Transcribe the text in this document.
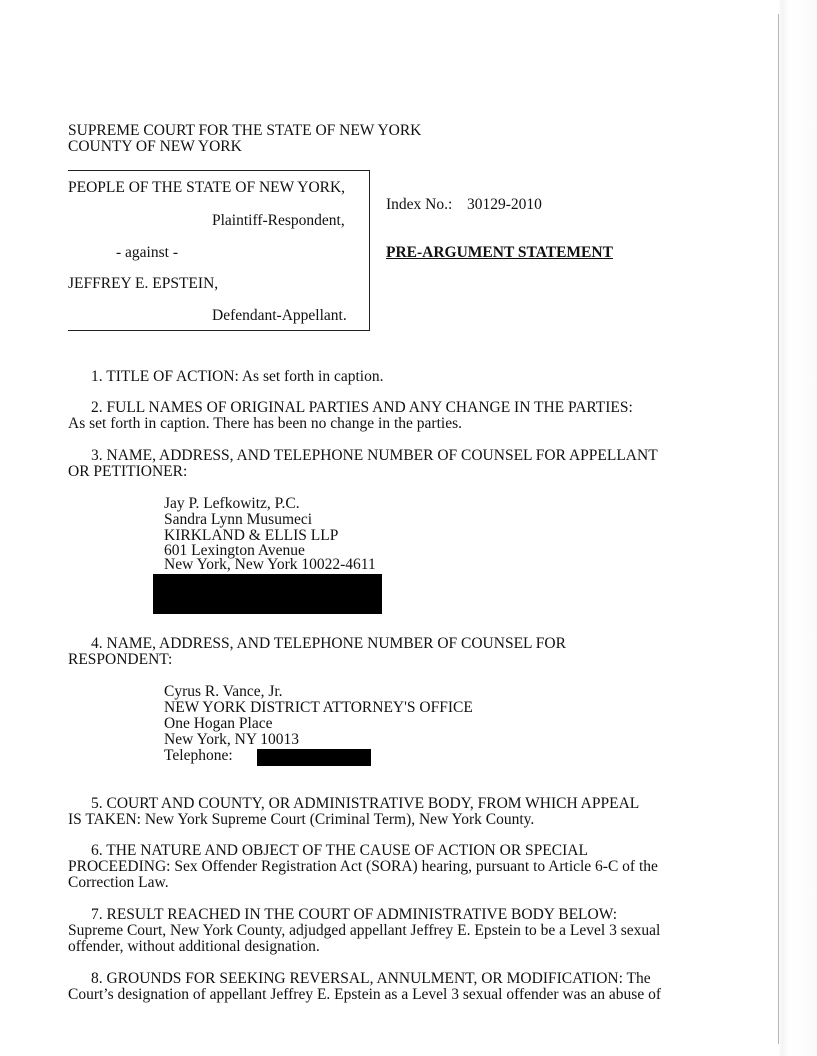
SUPREME COURT FOR THE STATE OF NEW YORK
COUNTY OF NEW YORK
PEOPLE OF THE STATE OF NEW YORK,
Plaintiff-Respondent,
- against -
JEFFREY E. EPSTEIN,
Defendant-Appellant.
Index No.: 30129-2010
PRE-ARGUMENT STATEMENT
1. TITLE OF ACTION: As set forth in caption.
2. FULL NAMES OF ORIGINAL PARTIES AND ANY CHANGE IN THE PARTIES:
As set forth in caption. There has been no change in the parties.
3. NAME, ADDRESS, AND TELEPHONE NUMBER OF COUNSEL FOR APPELLANT
OR PETITIONER:
Jay P. Lefkowitz, P.C.
Sandra Lynn Musumeci
KIRKLAND & ELLIS LLP
601 Lexington Avenue
New York, New York 10022-4611
4. NAME, ADDRESS, AND TELEPHONE NUMBER OF COUNSEL FOR
RESPONDENT:
Cyrus R. Vance, Jr.
NEW YORK DISTRICT ATTORNEY'S OFFICE
One Hogan Place
New York, NY 10013
Telephone:
5. COURT AND COUNTY, OR ADMINISTRATIVE BODY, FROM WHICH APPEAL
IS TAKEN: New York Supreme Court (Criminal Term), New York County.
6. THE NATURE AND OBJECT OF THE CAUSE OF ACTION OR SPECIAL
PROCEEDING: Sex Offender Registration Act (SORA) hearing, pursuant to Article 6-C of the
Correction Law.
7. RESULT REACHED IN THE COURT OF ADMINISTRATIVE BODY BELOW:
Supreme Court, New York County, adjudged appellant Jeffrey E. Epstein to be a Level 3 sexual
offender, without additional designation.
8. GROUNDS FOR SEEKING REVERSAL, ANNULMENT, OR MODIFICATION: The
Court’s designation of appellant Jeffrey E. Epstein as a Level 3 sexual offender was an abuse of
